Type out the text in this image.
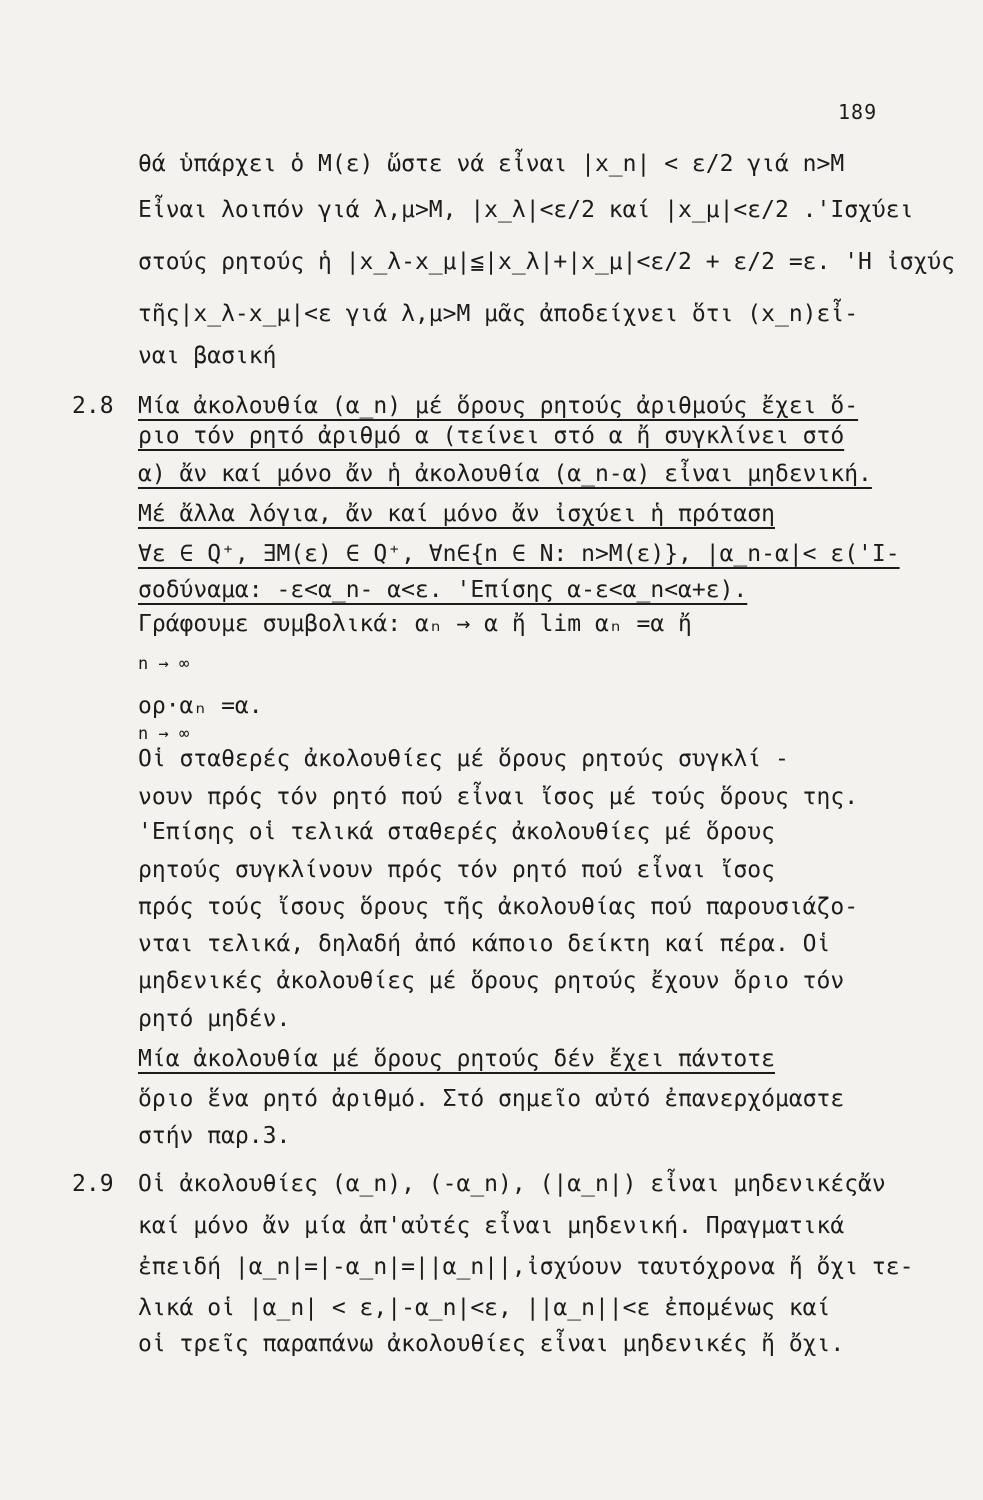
189
2.8
2.9
θά ὑπάρχει ὁ M(ε) ὥστε νά εἶναι |x_n| < ε/2 γιά n>M
Εἶναι λοιπόν γιά λ,μ>M, |x_λ|<ε/2 καί |x_μ|<ε/2 .'Ισχύει
στούς ρητούς ἡ |x_λ-x_μ|≦|x_λ|+|x_μ|<ε/2 + ε/2 =ε. 'H ἰσχύς
τῆς|x_λ-x_μ|<ε γιά λ,μ>M μᾶς ἀποδείχνει ὅτι (x_n)εἶ-
ναι βασική
Μία ἀκολουθία (α_n) μέ ὅρους ρητούς ἀριθμούς ἔχει ὅ-
ριο τόν ρητό ἀριθμό α (τείνει στό α ἤ συγκλίνει στό
α) ἄν καί μόνο ἄν ἡ ἀκολουθία (α_n-α) εἶναι μηδενική.
Μέ ἄλλα λόγια, ἄν καί μόνο ἄν ἰσχύει ἡ πρόταση
∀ε ∈ Q⁺, ∃M(ε) ∈ Q⁺, ∀n∈{n ∈ N: n>M(ε)}, |α_n-α|< ε('I-
σοδύναμα: -ε<α_n- α<ε. 'Επίσης α-ε<α_n<α+ε).
Γράφουμε συμβολικά: αₙ → α ἤ lim αₙ =α ἤ
n → ∞
ορ·αₙ =α.
n → ∞
Οἱ σταθερές ἀκολουθίες μέ ὅρους ρητούς συγκλί -
νουν πρός τόν ρητό πού εἶναι ἴσος μέ τούς ὅρους της.
'Επίσης οἱ τελικά σταθερές ἀκολουθίες μέ ὅρους
ρητούς συγκλίνουν πρός τόν ρητό πού εἶναι ἴσος
πρός τούς ἴσους ὅρους τῆς ἀκολουθίας πού παρουσιάζο-
νται τελικά, δηλαδή ἀπό κάποιο δείκτη καί πέρα. Οἱ
μηδενικές ἀκολουθίες μέ ὅρους ρητούς ἔχουν ὅριο τόν
ρητό μηδέν.
Μία ἀκολουθία μέ ὅρους ρητούς δέν ἔχει πάντοτε
ὅριο ἕνα ρητό ἀριθμό. Στό σημεῖο αὐτό ἐπανερχόμαστε
στήν παρ.3.
Οἱ ἀκολουθίες (α_n), (-α_n), (|α_n|) εἶναι μηδενικέςἄν
καί μόνο ἄν μία ἀπ'αὐτές εἶναι μηδενική. Πραγματικά
ἐπειδή |α_n|=|-α_n|=||α_n||,ἰσχύουν ταυτόχρονα ἤ ὄχι τε-
λικά οἱ |α_n| < ε,|-α_n|<ε, ||α_n||<ε ἐπομένως καί
οἱ τρεῖς παραπάνω ἀκολουθίες εἶναι μηδενικές ἤ ὄχι.
